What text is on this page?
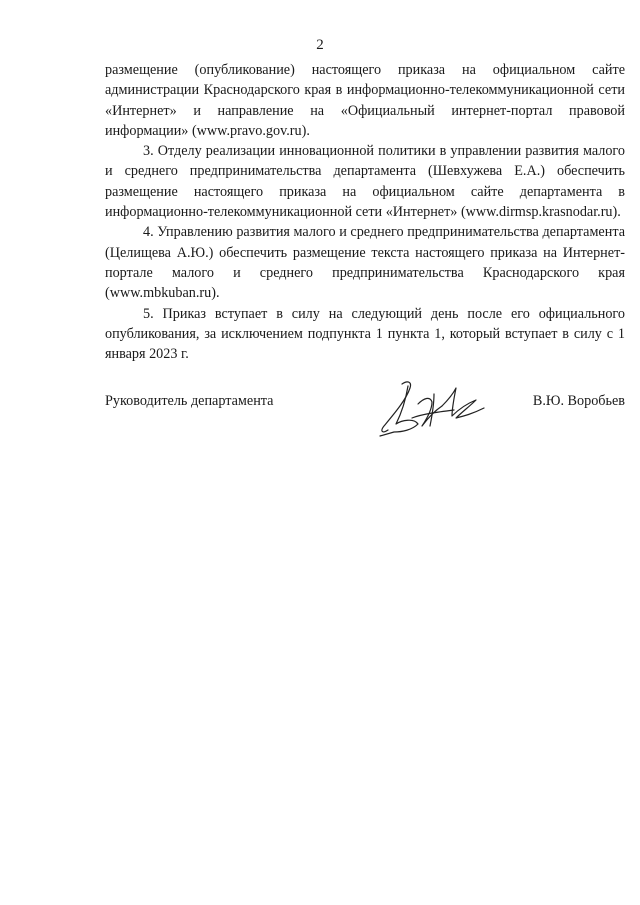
2

размещение (опубликование) настоящего приказа на официальном сайте администрации Краснодарского края в информационно-телекоммуникационной сети «Интернет» и направление на «Официальный интернет-портал правовой информации» (www.pravo.gov.ru).

3. Отделу реализации инновационной политики в управлении развития малого и среднего предпринимательства департамента (Шевхужева Е.А.) обеспечить размещение настоящего приказа на официальном сайте департамента в информационно-телекоммуникационной сети «Интернет» (www.dirmsp.krasnodar.ru).

4. Управлению развития малого и среднего предпринимательства департамента (Целищева А.Ю.) обеспечить размещение текста настоящего приказа на Интернет-портале малого и среднего предпринимательства Краснодарского края (www.mbkuban.ru).

5. Приказ вступает в силу на следующий день после его официального опубликования, за исключением подпункта 1 пункта 1, который вступает в силу с 1 января 2023 г.

Руководитель департамента	В.Ю. Воробьев
